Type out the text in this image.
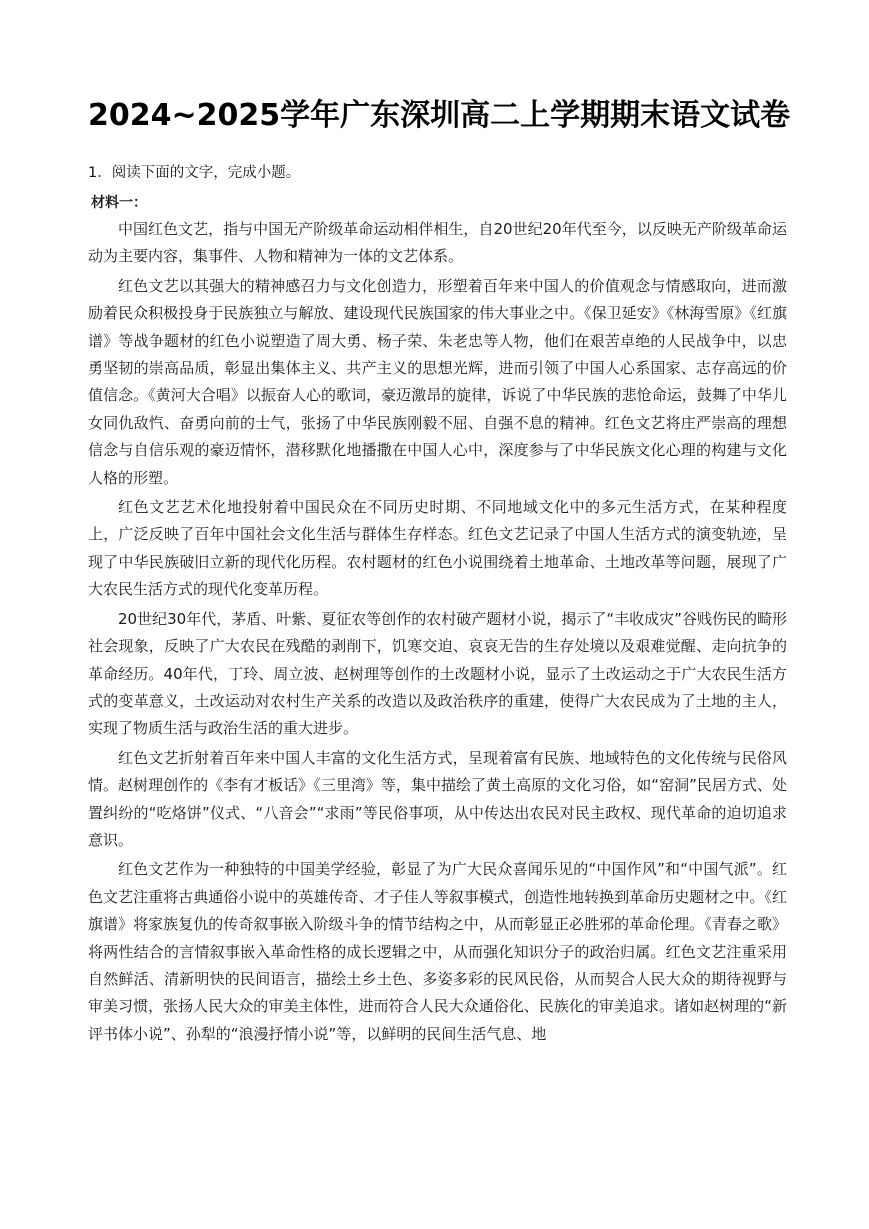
2024~2025学年广东深圳高二上学期期末语文试卷
1．阅读下面的文字，完成小题。
材料一：

中国红色文艺，指与中国无产阶级革命运动相伴相生，自20世纪20年代至今，以反映无产阶级革命运动为主要内容，集事件、人物和精神为一体的文艺体系。

红色文艺以其强大的精神感召力与文化创造力，形塑着百年来中国人的价值观念与情感取向，进而激励着民众积极投身于民族独立与解放、建设现代民族国家的伟大事业之中。《保卫延安》《林海雪原》《红旗谱》等战争题材的红色小说塑造了周大勇、杨子荣、朱老忠等人物，他们在艰苦卓绝的人民战争中，以忠勇坚韧的崇高品质，彰显出集体主义、共产主义的思想光辉，进而引领了中国人心系国家、志存高远的价值信念。《黄河大合唱》以振奋人心的歌词，豪迈激昂的旋律，诉说了中华民族的悲怆命运，鼓舞了中华儿女同仇敌忾、奋勇向前的士气，张扬了中华民族刚毅不屈、自强不息的精神。红色文艺将庄严崇高的理想信念与自信乐观的豪迈情怀，潜移默化地播撒在中国人心中，深度参与了中华民族文化心理的构建与文化人格的形塑。

红色文艺艺术化地投射着中国民众在不同历史时期、不同地域文化中的多元生活方式，在某种程度上，广泛反映了百年中国社会文化生活与群体生存样态。红色文艺记录了中国人生活方式的演变轨迹，呈现了中华民族破旧立新的现代化历程。农村题材的红色小说围绕着土地革命、土地改革等问题，展现了广大农民生活方式的现代化变革历程。

20世纪30年代，茅盾、叶紫、夏征农等创作的农村破产题材小说，揭示了“丰收成灾”谷贱伤民的畸形社会现象，反映了广大农民在残酷的剥削下，饥寒交迫、哀哀无告的生存处境以及艰难觉醒、走向抗争的革命经历。40年代，丁玲、周立波、赵树理等创作的土改题材小说，显示了土改运动之于广大农民生活方式的变革意义，土改运动对农村生产关系的改造以及政治秩序的重建，使得广大农民成为了土地的主人，实现了物质生活与政治生活的重大进步。

红色文艺折射着百年来中国人丰富的文化生活方式，呈现着富有民族、地域特色的文化传统与民俗风情。赵树理创作的《李有才板话》《三里湾》等，集中描绘了黄土高原的文化习俗，如“窑洞”民居方式、处置纠纷的“吃烙饼”仪式、“八音会”“求雨”等民俗事项，从中传达出农民对民主政权、现代革命的迫切追求意识。

红色文艺作为一种独特的中国美学经验，彰显了为广大民众喜闻乐见的“中国作风”和“中国气派”。红色文艺注重将古典通俗小说中的英雄传奇、才子佳人等叙事模式，创造性地转换到革命历史题材之中。《红旗谱》将家族复仇的传奇叙事嵌入阶级斗争的情节结构之中，从而彰显正必胜邪的革命伦理。《青春之歌》将两性结合的言情叙事嵌入革命性格的成长逻辑之中，从而强化知识分子的政治归属。红色文艺注重采用自然鲜活、清新明快的民间语言，描绘土乡土色、多姿多彩的民风民俗，从而契合人民大众的期待视野与审美习惯，张扬人民大众的审美主体性，进而符合人民大众通俗化、民族化的审美追求。诸如赵树理的“新评书体小说”、孙犁的“浪漫抒情小说”等，以鲜明的民间生活气息、地
